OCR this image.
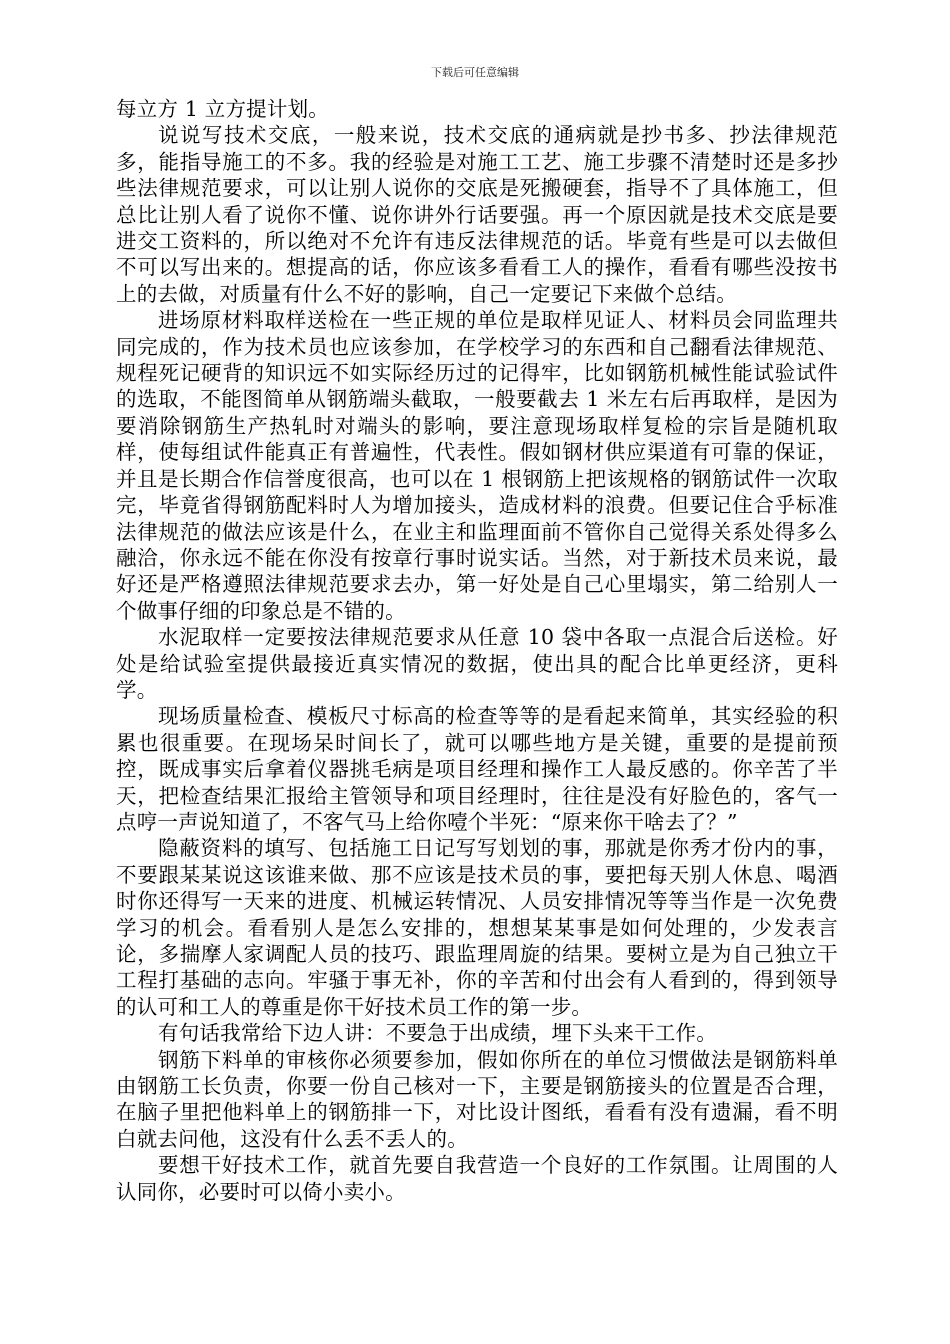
下载后可任意编辑

每立方 1 立方提计划。

说说写技术交底，一般来说，技术交底的通病就是抄书多、抄法律规范多，能指导施工的不多。我的经验是对施工工艺、施工步骤不清楚时还是多抄些法律规范要求，可以让别人说你的交底是死搬硬套，指导不了具体施工，但总比让别人看了说你不懂、说你讲外行话要强。再一个原因就是技术交底是要进交工资料的，所以绝对不允许有违反法律规范的话。毕竟有些是可以去做但不可以写出来的。想提高的话，你应该多看看工人的操作，看看有哪些没按书上的去做，对质量有什么不好的影响，自己一定要记下来做个总结。

进场原材料取样送检在一些正规的单位是取样见证人、材料员会同监理共同完成的，作为技术员也应该参加，在学校学习的东西和自己翻看法律规范、规程死记硬背的知识远不如实际经历过的记得牢，比如钢筋机械性能试验试件的选取，不能图简单从钢筋端头截取，一般要截去 1 米左右后再取样，是因为要消除钢筋生产热轧时对端头的影响，要注意现场取样复检的宗旨是随机取样，使每组试件能真正有普遍性，代表性。假如钢材供应渠道有可靠的保证，并且是长期合作信誉度很高，也可以在 1 根钢筋上把该规格的钢筋试件一次取完，毕竟省得钢筋配料时人为增加接头，造成材料的浪费。但要记住合乎标准法律规范的做法应该是什么，在业主和监理面前不管你自己觉得关系处得多么融洽，你永远不能在你没有按章行事时说实话。当然，对于新技术员来说，最好还是严格遵照法律规范要求去办，第一好处是自己心里塌实，第二给别人一个做事仔细的印象总是不错的。

水泥取样一定要按法律规范要求从任意 10 袋中各取一点混合后送检。好处是给试验室提供最接近真实情况的数据，使出具的配合比单更经济，更科学。

现场质量检查、模板尺寸标高的检查等等的是看起来简单，其实经验的积累也很重要。在现场呆时间长了，就可以哪些地方是关键，重要的是提前预控，既成事实后拿着仪器挑毛病是项目经理和操作工人最反感的。你辛苦了半天，把检查结果汇报给主管领导和项目经理时，往往是没有好脸色的，客气一点哼一声说知道了，不客气马上给你噎个半死：“原来你干啥去了？”

隐蔽资料的填写、包括施工日记写写划划的事，那就是你秀才份内的事，不要跟某某说这该谁来做、那不应该是技术员的事，要把每天别人休息、喝酒时你还得写一天来的进度、机械运转情况、人员安排情况等等当作是一次免费学习的机会。看看别人是怎么安排的，想想某某事是如何处理的，少发表言论，多揣摩人家调配人员的技巧、跟监理周旋的结果。要树立是为自己独立干工程打基础的志向。牢骚于事无补，你的辛苦和付出会有人看到的，得到领导的认可和工人的尊重是你干好技术员工作的第一步。

有句话我常给下边人讲：不要急于出成绩，埋下头来干工作。

钢筋下料单的审核你必须要参加，假如你所在的单位习惯做法是钢筋料单由钢筋工长负责，你要一份自己核对一下，主要是钢筋接头的位置是否合理，在脑子里把他料单上的钢筋排一下，对比设计图纸，看看有没有遗漏，看不明白就去问他，这没有什么丢不丢人的。

要想干好技术工作，就首先要自我营造一个良好的工作氛围。让周围的人认同你，必要时可以倚小卖小。
